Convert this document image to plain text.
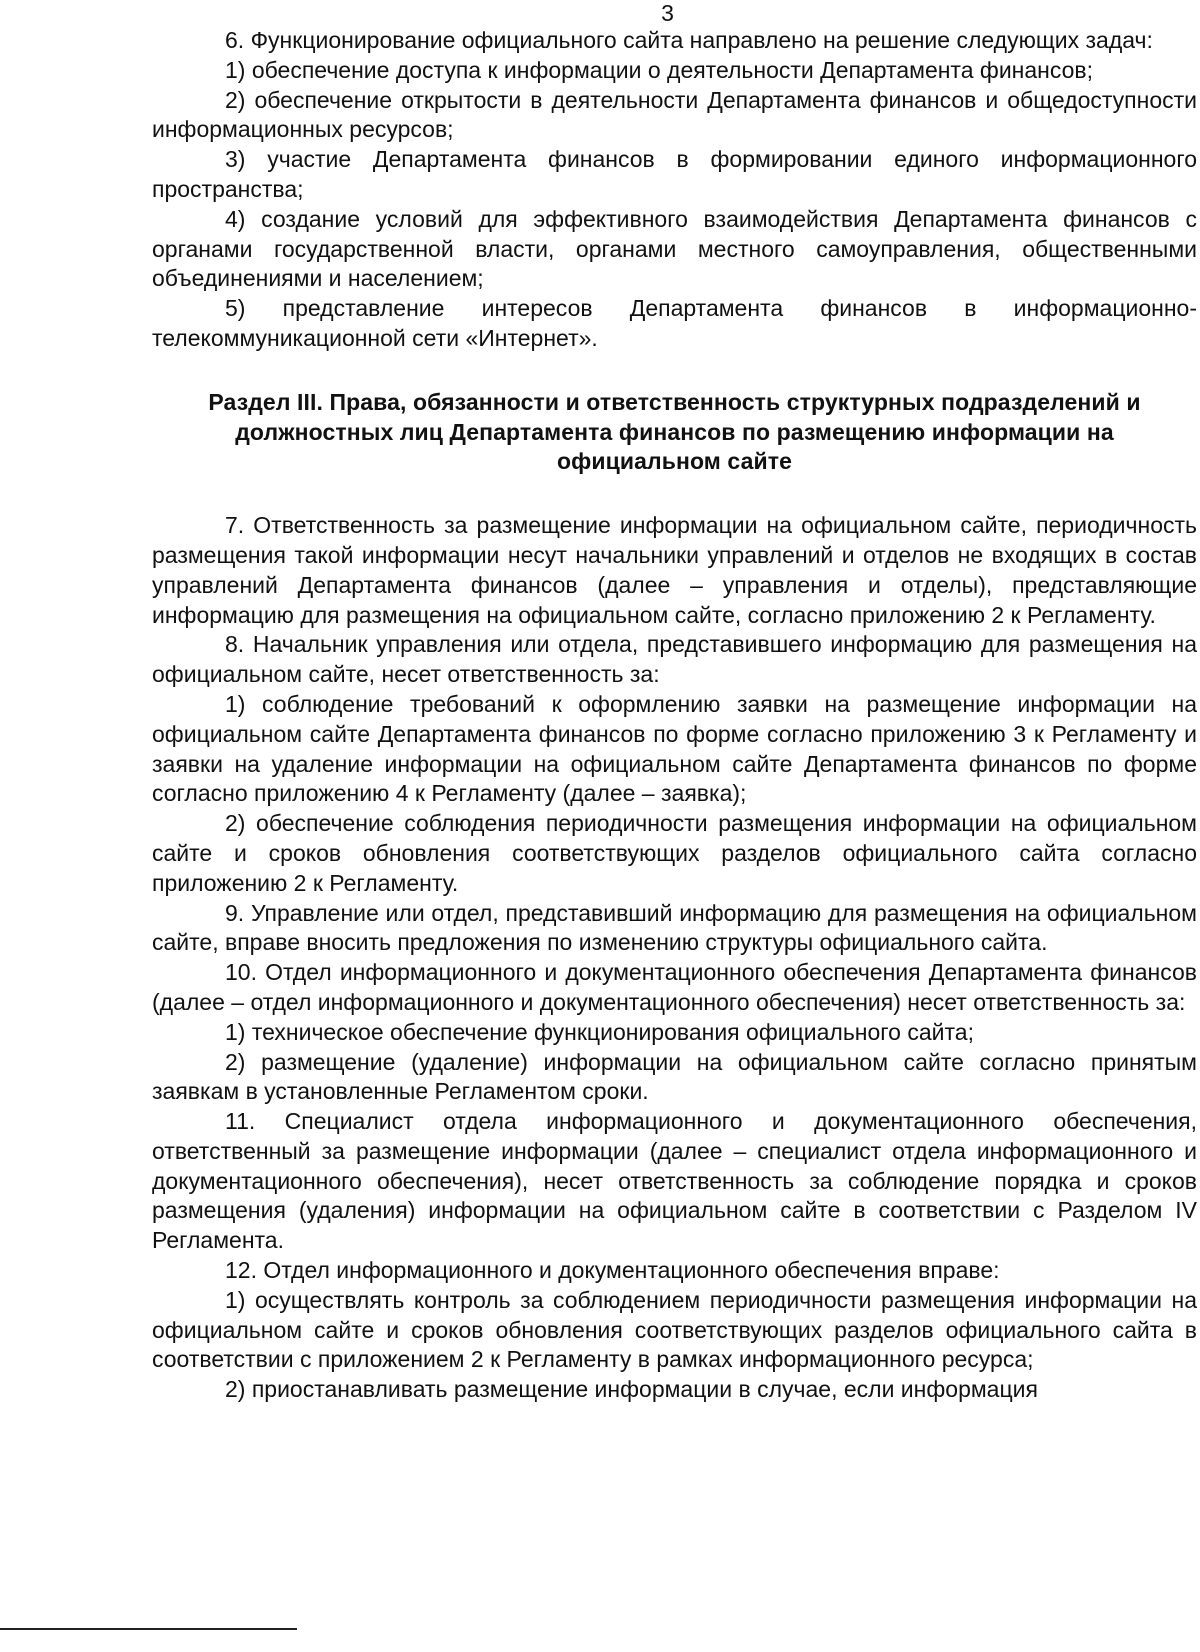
3

6. Функционирование официального сайта направлено на решение следующих задач:

1) обеспечение доступа к информации о деятельности Департамента финансов;

2) обеспечение открытости в деятельности Департамента финансов и общедоступности информационных ресурсов;

3) участие Департамента финансов в формировании единого информационного пространства;

4) создание условий для эффективного взаимодействия Департамента финансов с органами государственной власти, органами местного самоуправления, общественными объединениями и населением;

5) представление интересов Департамента финансов в информационно-телекоммуникационной сети «Интернет».

Раздел III. Права, обязанности и ответственность структурных подразделений и должностных лиц Департамента финансов по размещению информации на официальном сайте

7. Ответственность за размещение информации на официальном сайте, периодичность размещения такой информации несут начальники управлений и отделов не входящих в состав управлений Департамента финансов (далее – управления и отделы), представляющие информацию для размещения на официальном сайте, согласно приложению 2 к Регламенту.

8. Начальник управления или отдела, представившего информацию для размещения на официальном сайте, несет ответственность за:

1) соблюдение требований к оформлению заявки на размещение информации на официальном сайте Департамента финансов по форме согласно приложению 3 к Регламенту и заявки на удаление информации на официальном сайте Департамента финансов по форме согласно приложению 4 к Регламенту (далее – заявка);

2) обеспечение соблюдения периодичности размещения информации на официальном сайте и сроков обновления соответствующих разделов официального сайта согласно приложению 2 к Регламенту.

9. Управление или отдел, представивший информацию для размещения на официальном сайте, вправе вносить предложения по изменению структуры официального сайта.

10. Отдел информационного и документационного обеспечения Департамента финансов (далее – отдел информационного и документационного обеспечения) несет ответственность за:

1) техническое обеспечение функционирования официального сайта;

2) размещение (удаление) информации на официальном сайте согласно принятым заявкам в установленные Регламентом сроки.

11. Специалист отдела информационного и документационного обеспечения, ответственный за размещение информации (далее – специалист отдела информационного и документационного обеспечения), несет ответственность за соблюдение порядка и сроков размещения (удаления) информации на официальном сайте в соответствии с Разделом IV Регламента.

12. Отдел информационного и документационного обеспечения вправе:

1) осуществлять контроль за соблюдением периодичности размещения информации на официальном сайте и сроков обновления соответствующих разделов официального сайта в соответствии с приложением 2 к Регламенту в рамках информационного ресурса;

2) приостанавливать размещение информации в случае, если информация
